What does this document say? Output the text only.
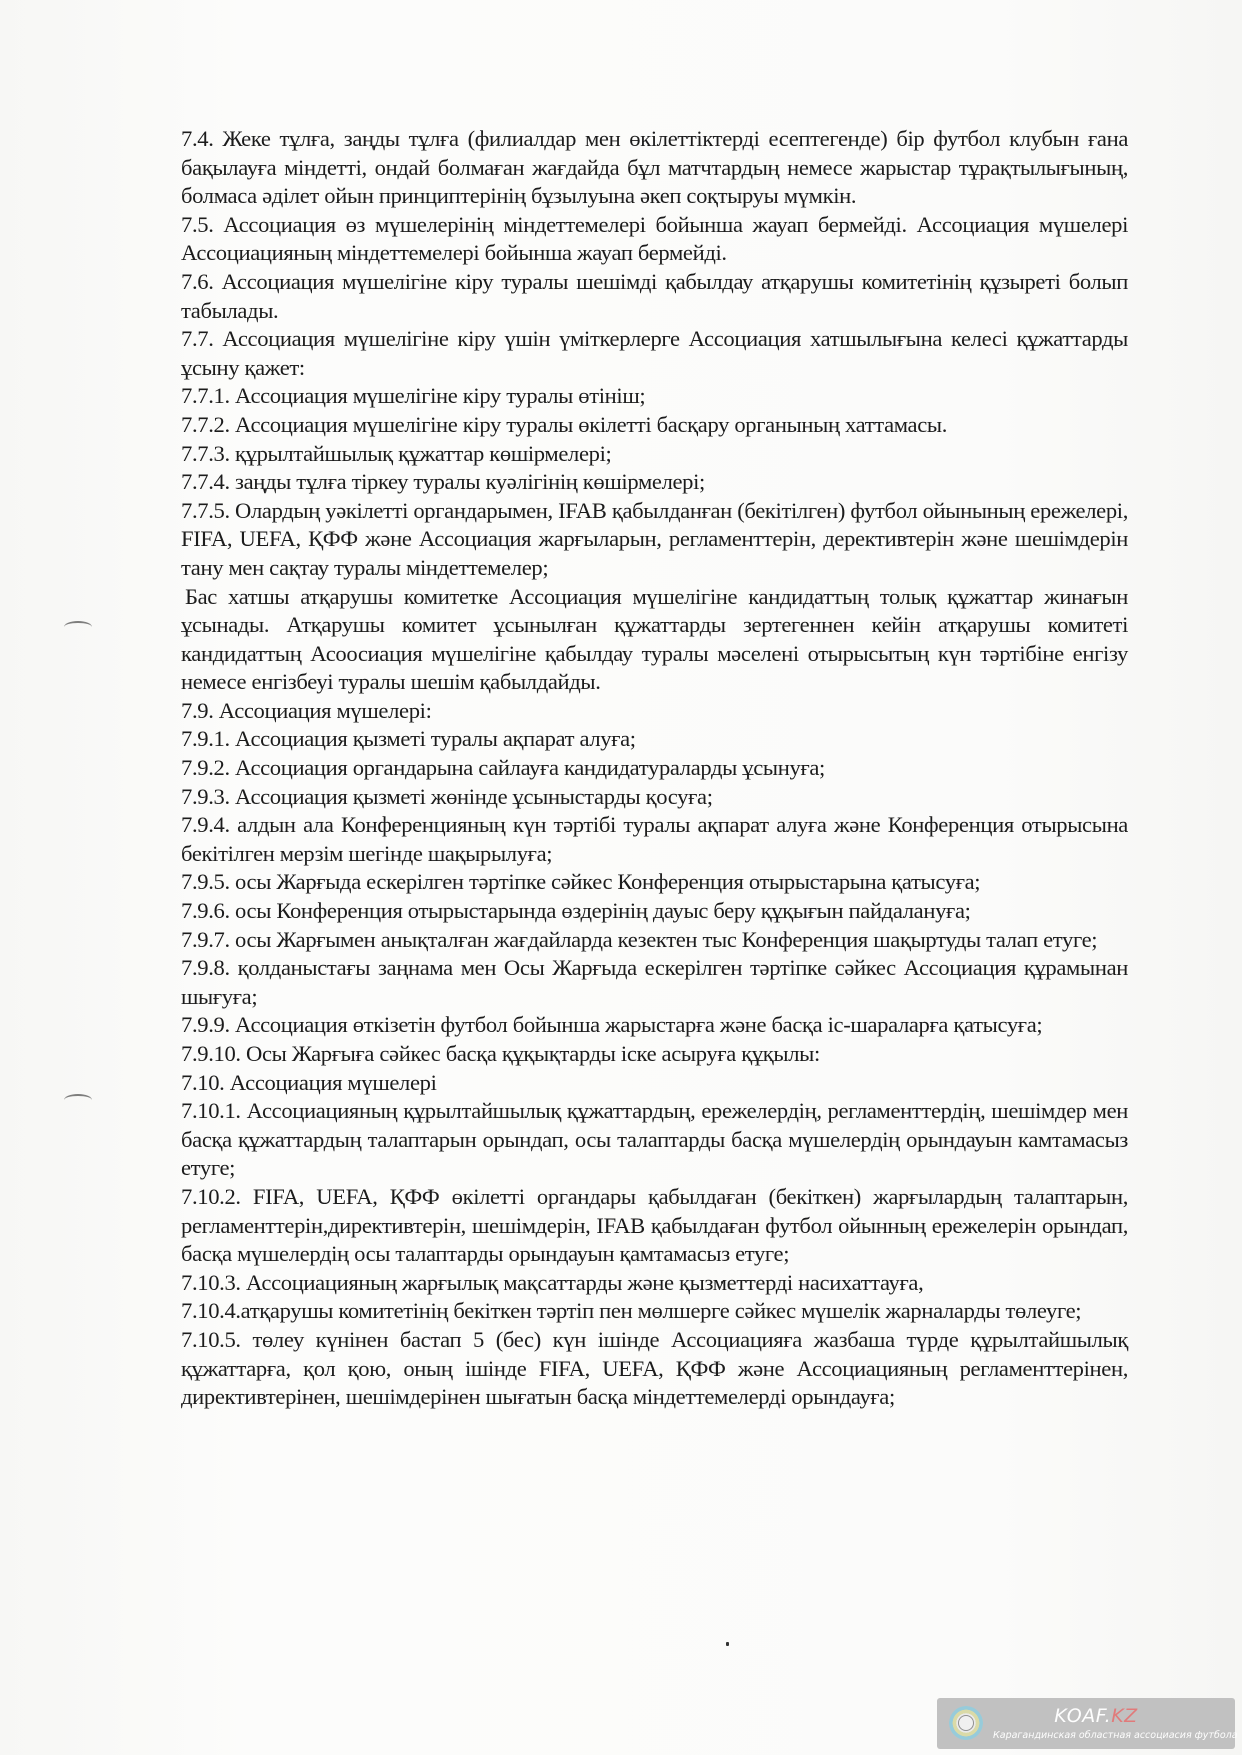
7.4. Жеке тұлға, заңды тұлға (филиалдар мен өкілеттіктерді есептегенде) бір футбол клубын ғана бақылауға міндетті, ондай болмаған жағдайда бұл матчтардың немесе жарыстар тұрақтылығының, болмаса әділет ойын принциптерінің бұзылуына әкеп соқтыруы мүмкін.

7.5. Ассоциация өз мүшелерінің міндеттемелері бойынша жауап бермейді. Ассоциация мүшелері Ассоциацияның міндеттемелері бойынша жауап бермейді.

7.6. Ассоциация мүшелігіне кіру туралы шешімді қабылдау атқарушы комитетінің құзыреті болып табылады.

7.7. Ассоциация мүшелігіне кіру үшін үміткерлерге Ассоциация хатшылығына келесі құжаттарды ұсыну қажет:

7.7.1. Ассоциация мүшелігіне кіру туралы өтініш;

7.7.2. Ассоциация мүшелігіне кіру туралы өкілетті басқару органының хаттамасы.

7.7.3. құрылтайшылық құжаттар көшірмелері;

7.7.4. заңды тұлға тіркеу туралы куәлігінің көшірмелері;

7.7.5. Олардың уәкілетті органдарымен, IFAB қабылданған (бекітілген) футбол ойынының ережелері, FIFA, UEFA, ҚФФ және Ассоциация жарғыларын, регламенттерін, дерективтерін және шешімдерін тану мен сақтау туралы міндеттемелер;

Бас хатшы атқарушы комитетке Ассоциация мүшелігіне кандидаттың толық құжаттар жинағын ұсынады. Атқарушы комитет ұсынылған құжаттарды зертегеннен кейін атқарушы комитеті кандидаттың Асоосиация мүшелігіне қабылдау туралы мәселені отырысытың күн тәртібіне енгізу немесе енгізбеуі туралы шешім қабылдайды.

7.9. Ассоциация мүшелері:

7.9.1. Ассоциация қызметі туралы ақпарат алуға;

7.9.2. Ассоциация органдарына сайлауға кандидатураларды ұсынуға;

7.9.3. Ассоциация қызметі жөнінде ұсыныстарды қосуға;

7.9.4. алдын ала Конференцияның күн тәртібі туралы ақпарат алуға және Конференция отырысына бекітілген мерзім шегінде шақырылуға;

7.9.5. осы Жарғыда ескерілген тәртіпке сәйкес Конференция отырыстарына қатысуға;

7.9.6. осы Конференция отырыстарында өздерінің дауыс беру құқығын пайдалануға;

7.9.7. осы Жарғымен анықталған жағдайларда кезектен тыс Конференция шақыртуды талап етуге;

7.9.8. қолданыстағы заңнама мен Осы Жарғыда ескерілген тәртіпке сәйкес Ассоциация құрамынан шығуға;

7.9.9. Ассоциация өткізетін футбол бойынша жарыстарға және басқа іс-шараларға қатысуға;

7.9.10. Осы Жарғыға сәйкес басқа құқықтарды іске асыруға құқылы:

7.10. Ассоциация мүшелері

7.10.1. Ассоциацияның құрылтайшылық құжаттардың, ережелердің, регламенттердің, шешімдер мен басқа құжаттардың талаптарын орындап, осы талаптарды басқа мүшелердің орындауын камтамасыз етуге;

7.10.2. FIFA, UEFA, ҚФФ өкілетті органдары қабылдаған (бекіткен) жарғылардың талаптарын, регламенттерін,директивтерін, шешімдерін, IFAB қабылдаған футбол ойынның ережелерін орындап, басқа мүшелердің осы талаптарды орындауын қамтамасыз етуге;

7.10.3. Ассоциацияның жарғылық мақсаттарды және қызметтерді насихаттауға,

7.10.4.атқарушы комитетінің бекіткен тәртіп пен мөлшерге сәйкес мүшелік жарналарды төлеуге;

7.10.5. төлеу күнінен бастап 5 (бес) күн ішінде Ассоциацияға жазбаша түрде құрылтайшылық құжаттарға, қол қою, оның ішінде FIFA, UEFA, ҚФФ және Ассоциацияның регламенттерінен, директивтерінен, шешімдерінен шығатын басқа міндеттемелерді орындауға;

KOAF.KZ
Карагандинская областная ассоциасия футбола
